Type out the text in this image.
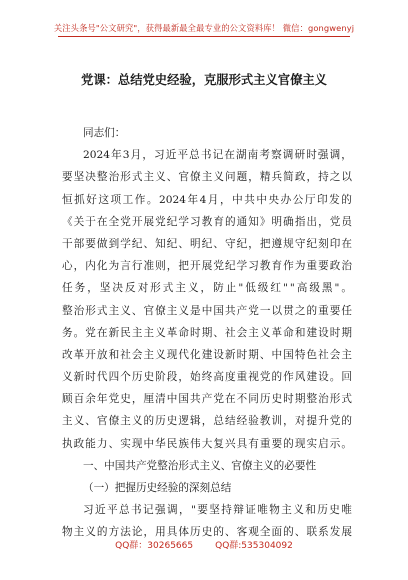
关注头条号"公文研究"，获得最新最全最专业的公文资料库！ 微信：gongwenyj
党课：总结党史经验，克服形式主义官僚主义
同志们：
2024 年 3 月 ， 习 近 平 总 书 记 在 湖 南 考 察 调 研 时 强 调 ，
要 坚 决 整 治 形 式 主 义 、 官 僚 主 义 问 题 ， 精 兵 简 政 ， 持 之 以
恒 抓 好 这 项 工 作 。 2024 年 4 月 ， 中 共 中 央 办 公 厅 印 发 的
《 关 于 在 全 党 开 展 党 纪 学 习 教 育 的 通 知 》 明 确 指 出 ， 党 员
干 部 要 做 到 学 纪 、 知 纪 、 明 纪 、 守 纪 ， 把 遵 规 守 纪 刻 印 在
心 ， 内 化 为 言 行 准 则 ， 把 开 展 党 纪 学 习 教 育 作 为 重 要 政 治
任 务 ， 坚 决 反 对 形 式 主 义 ， 防 止 " 低 级 红 " " 高 级 黑 " 。
整 治 形 式 主 义 、 官 僚 主 义 是 中 国 共 产 党 一 以 贯 之 的 重 要 任
务 。 党 在 新 民 主 主 义 革 命 时 期 、 社 会 主 义 革 命 和 建 设 时 期
改 革 开 放 和 社 会 主 义 现 代 化 建 设 新 时 期 、 中 国 特 色 社 会 主
义 新 时 代 四 个 历 史 阶 段 ， 始 终 高 度 重 视 党 的 作 风 建 设 。 回
顾 百 余 年 党 史 ， 厘 清 中 国 共 产 党 在 不 同 历 史 时 期 整 治 形 式
主 义 、 官 僚 主 义 的 历 史 逻 辑 ， 总 结 经 验 教 训 ， 对 提 升 党 的
执 政 能 力 、 实 现 中 华 民 族 伟 大 复 兴 具 有 重 要 的 现 实 启 示 。
一、中国共产党整治形式主义、官僚主义的必要性
（一）把握历史经验的深刻总结
习 近 平 总 书 记 强 调 ， " 要 坚 持 辩 证 唯 物 主 义 和 历 史 唯
物 主 义 的 方 法 论 ， 用 具 体 历 史 的 、 客 观 全 面 的 、 联 系 发 展
QQ群：30265665 QQ群:535304092
